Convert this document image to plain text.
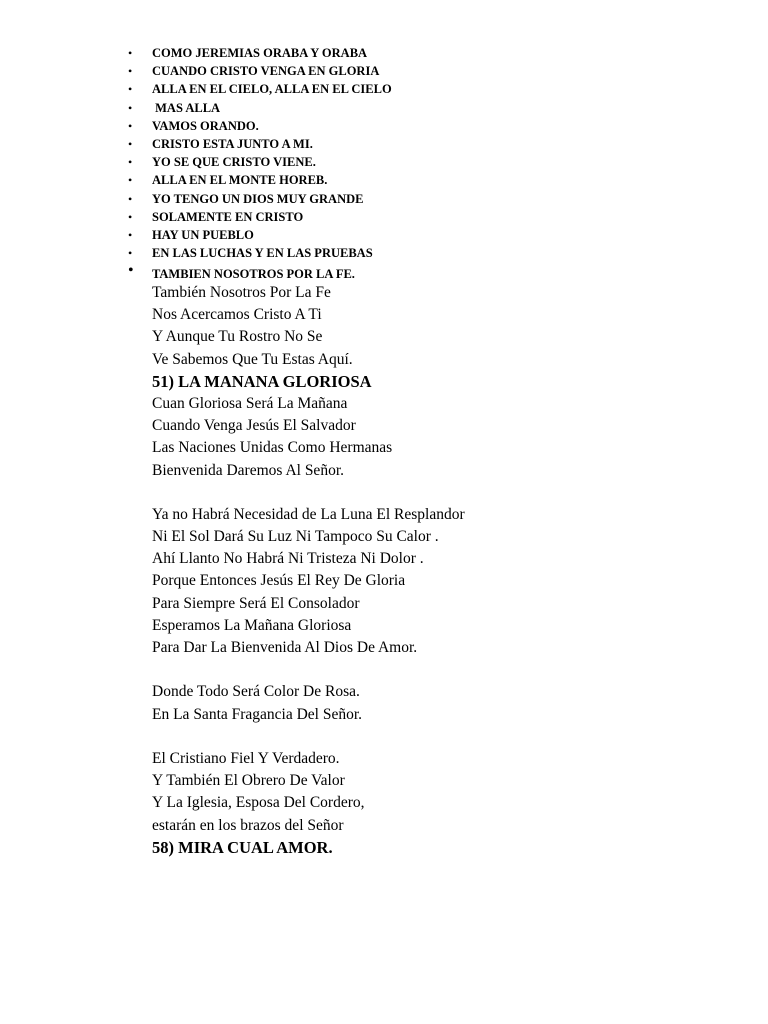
• COMO JEREMIAS ORABA Y ORABA
• CUANDO CRISTO VENGA EN GLORIA
• ALLA EN EL CIELO, ALLA EN EL CIELO
• MAS ALLA
• VAMOS ORANDO.
• CRISTO ESTA JUNTO A MI.
• YO SE QUE CRISTO VIENE.
• ALLA EN EL MONTE HOREB.
• YO TENGO UN DIOS MUY GRANDE
• SOLAMENTE EN CRISTO
• HAY UN PUEBLO
• EN LAS LUCHAS Y EN LAS PRUEBAS
• TAMBIEN NOSOTROS POR LA FE.
También Nosotros Por La Fe
Nos Acercamos Cristo A Ti
Y Aunque Tu Rostro No Se
Ve Sabemos Que Tu Estas Aquí.
51) LA MANANA GLORIOSA
Cuan Gloriosa Será La Mañana
Cuando Venga Jesús El Salvador
Las Naciones Unidas Como Hermanas
Bienvenida Daremos Al Señor.
Ya no Habrá Necesidad de La Luna El Resplandor
Ni El Sol Dará Su Luz Ni Tampoco Su Calor .
Ahí Llanto No Habrá Ni Tristeza Ni Dolor .
Porque Entonces Jesús El Rey De Gloria
Para Siempre Será El Consolador
Esperamos La Mañana Gloriosa
Para Dar La Bienvenida Al Dios De Amor.
Donde Todo Será Color De Rosa.
En La Santa Fragancia Del Señor.
El Cristiano Fiel Y Verdadero.
Y También El Obrero De Valor
Y La Iglesia, Esposa Del Cordero,
estarán en los brazos del Señor
58) MIRA CUAL AMOR.
